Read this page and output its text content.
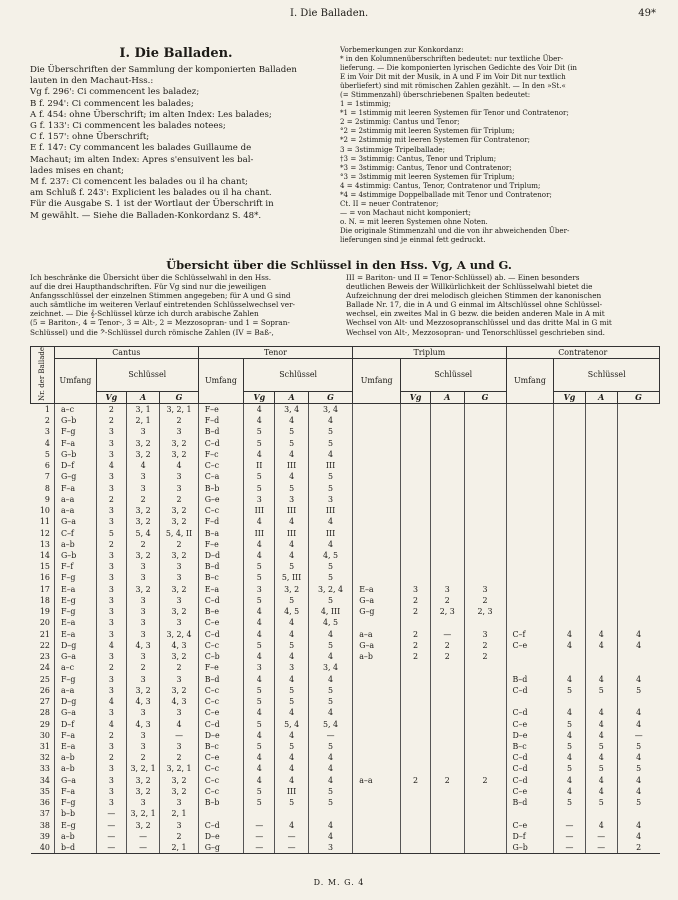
I. Die Balladen.	49*
I. Die Balladen.
Die Überschriften der Sammlung der komponierten Balladen
lauten in den Machaut-Hss.:
Vg f. 296': Ci commencent les baladez;
B f. 294': Ci commencent les balades;
A f. 454: ohne Überschrift; im alten Index: Les balades;
G f. 133': Ci commencent les balades notees;
C f. 157': ohne Überschrift;
E f. 147: Cy commancent les balades Guillaume de
Machaut; im alten Index: Apres s'ensuivent les bal-
lades mises en chant;
M f. 237: Ci comencent les balades ou il ha chant;
am Schluß f. 243': Explicient les balades ou il ha chant.
Für die Ausgabe S. 1 ist der Wortlaut der Überschrift in
M gewählt. — Siehe die Balladen-Konkordanz S. 48*.
Vorbemerkungen zur Konkordanz:
* in den Kolumnenüberschriften bedeutet: nur textliche Über-
lieferung. — Die komponierten lyrischen Gedichte des Voir Dit (in
E im Voir Dit mit der Musik, in A und F im Voir Dit nur textlich
überliefert) sind mit römischen Zahlen gezählt. — In den »St.«
(= Stimmenzahl) überschriebenen Spalten bedeutet:
1 = 1stimmig;
*1 = 1stimmig mit leeren Systemen für Tenor und Contratenor;
2 = 2stimmig: Cantus und Tenor;
°2 = 2stimmig mit leeren Systemen für Triplum;
*2 = 2stimmig mit leeren Systemen für Contratenor;
3 = 3stimmige Tripelballade;
†3 = 3stimmig: Cantus, Tenor und Triplum;
*3 = 3stimmig: Cantus, Tenor und Contratenor;
°3 = 3stimmig mit leeren Systemen für Triplum;
4 = 4stimmig: Cantus, Tenor, Contratenor und Triplum;
*4 = 4stimmige Doppelballade mit Tenor und Contratenor;
Ct. II = neuer Contratenor;
— = von Machaut nicht komponiert;
o. N. = mit leeren Systemen ohne Noten.
Die originale Stimmenzahl und die von ihr abweichenden Über-
lieferungen sind je einmal fett gedruckt.
Übersicht über die Schlüssel in den Hss. Vg, A und G.
Ich beschränke die Übersicht über die Schlüsselwahl in den Hss.
auf die drei Haupthandschriften. Für Vg sind nur die jeweiligen
Anfangsschlüssel der einzelnen Stimmen angegeben; für A und G sind
auch sämtliche im weiteren Verlauf eintretenden Schlüsselwechsel ver-
zeichnet. — Die 𝄞-Schlüssel kürze ich durch arabische Zahlen
(5 = Bariton-, 4 = Tenor-, 3 = Alt-, 2 = Mezzosopran- und 1 = Sopran-
Schlüssel) und die 𝄢-Schlüssel durch römische Zahlen (IV = Baß-,
III = Bariton- und II = Tenor-Schlüssel) ab. — Einen besonders
deutlichen Beweis der Willkürlichkeit der Schlüsselwahl bietet die
Aufzeichnung der drei melodisch gleichen Stimmen der kanonischen
Ballade Nr. 17, die in A und G einmal im Altschlüssel ohne Schlüssel-
wechsel, ein zweites Mal in G bezw. die beiden anderen Male in A mit
Wechsel von Alt- und Mezzosopranschlüssel und das dritte Mal in G mit
Wechsel von Alt-, Mezzosopran- und Tenorschlüssel geschrieben sind.
Nr. der Ballade	Cantus				Tenor				Triplum				Contratenor			
	Umfang	Schlüssel			Umfang	Schlüssel			Umfang	Schlüssel			Umfang	Schlüssel		
		Vg	A	G		Vg	A	G		Vg	A	G		Vg	A	G
1	a–c	2	3, 1	3, 2, 1	F–e	4	3, 4	3, 4								
2	G–b	2	2, 1	2	F–d	4	4	4								
3	F–g	3	3	3	B–d	5	5	5								
4	F–a	3	3, 2	3, 2	C–d	5	5	5								
5	G–b	3	3, 2	3, 2	F–c	4	4	4								
6	D–f	4	4	4	C–c	II	III	III								
7	G–g	3	3	3	C–a	5	4	5								
8	F–a	3	3	3	B–b	5	5	5								
9	a–a	2	2	2	G–e	3	3	3								
10	a–a	3	3, 2	3, 2	C–c	III	III	III								
11	G–a	3	3, 2	3, 2	F–d	4	4	4								
12	C–f	5	5, 4	5, 4, II	B–a	III	III	III								
13	a–b	2	2	2	F–e	4	4	4								
14	G–b	3	3, 2	3, 2	D–d	4	4	4, 5								
15	F–f	3	3	3	B–d	5	5	5								
16	F–g	3	3	3	B–c	5	5, III	5								
17	E–a	3	3, 2	3, 2	E–a	3	3, 2	3, 2, 4	E–a	3	3	3				
18	E–g	3	3	3	C–d	5	5	5	G–a	2	2	2				
19	F–g	3	3	3, 2	B–e	4	4, 5	4, III	G–g	2	2, 3	2, 3				
20	E–a	3	3	3	C–e	4	4	4, 5								
21	E–a	3	3	3, 2, 4	C–d	4	4	4	a–a	2	—	3	C–f	4	4	4
22	D–g	4	4, 3	4, 3	C–c	5	5	5	G–a	2	2	2	C–e	4	4	4
23	G–a	3	3	3, 2	C–b	4	4	4	a–b	2	2	2				
24	a–c	2	2	2	F–e	3	3	3, 4								
25	F–g	3	3	3	B–d	4	4	4					B–d	4	4	4
26	a–a	3	3, 2	3, 2	C–c	5	5	5					C–d	5	5	5
27	D–g	4	4, 3	4, 3	C–c	5	5	5								
28	G–a	3	3	3	C–e	4	4	4					C–d	4	4	4
29	D–f	4	4, 3	4	C–d	5	5, 4	5, 4					C–e	5	4	4
30	F–a	2	3	—	D–e	4	4	—					D–e	4	4	—
31	E–a	3	3	3	B–c	5	5	5					B–c	5	5	5
32	a–b	2	2	2	C–e	4	4	4					C–d	4	4	4
33	a–b	3	3, 2, 1	3, 2, 1	C–c	4	4	4					C–d	5	5	5
34	G–a	3	3, 2	3, 2	C–c	4	4	4	a–a	2	2	2	C–d	4	4	4
35	F–a	3	3, 2	3, 2	C–c	5	III	5					C–e	4	4	4
36	F–g	3	3	3	B–b	5	5	5					B–d	5	5	5
37	b–b	—	3, 2, 1	2, 1												
38	E–g	—	3, 2	3	C–d	—	4	4					C–e	—	4	4
39	a–b	—	—	2	D–e	—	—	4					D–f	—	—	4
40	b–d	—	—	2, 1	G–g	—	—	3					G–b	—	—	2
D. M. G. 4
